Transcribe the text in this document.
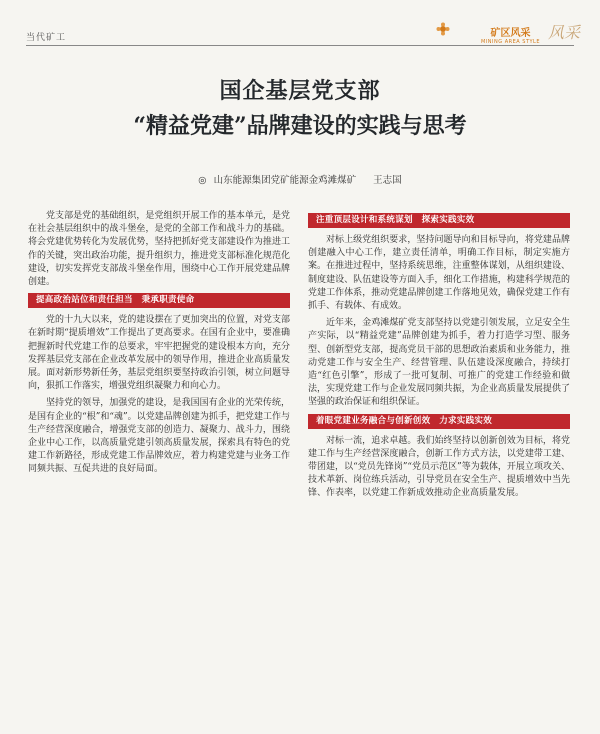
当代矿工	矿区风采
MINING AREA STYLE 风采
国企基层党支部
“精益党建”品牌建设的实践与思考
◎ 山东能源集团党矿能源金鸡滩煤矿 王志国

党支部是党的基础组织，是党组织开展工作的基本单元，是党在社会基层组织中的战斗堡垒，是党的全部工作和战斗力的基础。将会党建优势转化为发展优势，坚持把抓好党支部建设作为推进工作的关键，突出政治功能，提升组织力，推进党支部标准化规范化建设，切实发挥党支部战斗堡垒作用，围绕中心工作开展党建品牌创建。

提高政治站位和责任担当　秉承职责使命

党的十九大以来，党的建设摆在了更加突出的位置，对党支部在新时期“提质增效”工作提出了更高要求。在国有企业中，要准确把握新时代党建工作的总要求，牢牢把握党的建设根本方向，充分发挥基层党支部在企业改革发展中的领导作用，推进企业高质量发展。面对新形势新任务，基层党组织要坚持政治引领，树立问题导向，狠抓工作落实，增强党组织凝聚力和向心力。

坚持党的领导，加强党的建设，是我国国有企业的光荣传统，是国有企业的“根”和“魂”。以党建品牌创建为抓手，把党建工作与生产经营深度融合，增强党支部的创造力、凝聚力、战斗力，围绕企业中心工作，以高质量党建引领高质量发展，探索具有特色的党建工作新路径，形成党建工作品牌效应，着力构建党建与业务工作同频共振、互促共进的良好局面。

注重顶层设计和系统谋划　探索实践实效

对标上级党组织要求，坚持问题导向和目标导向，将党建品牌创建融入中心工作，建立责任清单，明确工作目标，制定实施方案。在推进过程中，坚持系统思维，注重整体谋划，从组织建设、制度建设、队伍建设等方面入手，细化工作措施，构建科学规范的党建工作体系，推动党建品牌创建工作落地见效，确保党建工作有抓手、有载体、有成效。

近年来，金鸡滩煤矿党支部坚持以党建引领发展，立足安全生产实际，以“精益党建”品牌创建为抓手，着力打造学习型、服务型、创新型党支部，提高党员干部的思想政治素质和业务能力，推动党建工作与安全生产、经营管理、队伍建设深度融合，持续打造“红色引擎”，形成了一批可复制、可推广的党建工作经验和做法，实现党建工作与企业发展同频共振，为企业高质量发展提供了坚强的政治保证和组织保证。

着眼党建业务融合与创新创效　力求实践实效

对标一流，追求卓越。我们始终坚持以创新创效为目标，将党建工作与生产经营深度融合，创新工作方式方法，以党建带工建、带团建，以“党员先锋岗”“党员示范区”等为载体，开展立项攻关、技术革新、岗位练兵活动，引导党员在安全生产、提质增效中当先锋、作表率，以党建工作新成效推动企业高质量发展。
